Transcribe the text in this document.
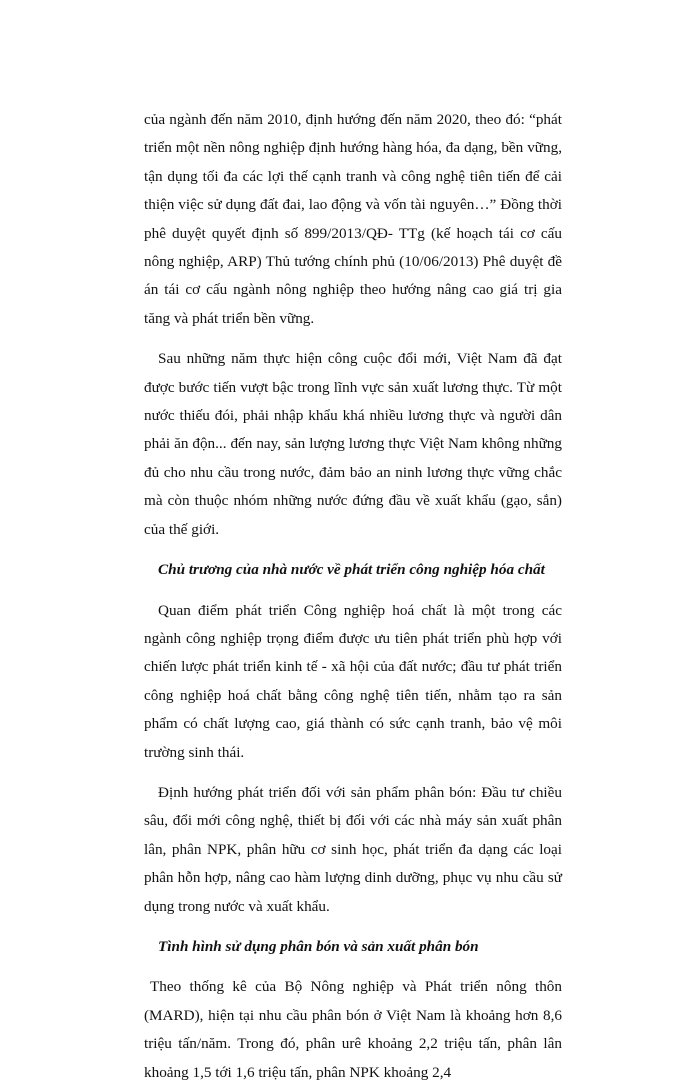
của ngành đến năm 2010, định hướng đến năm 2020, theo đó: “phát triển một nền nông nghiệp định hướng hàng hóa, đa dạng, bền vững, tận dụng tối đa các lợi thế cạnh tranh và công nghệ tiên tiến để cải thiện việc sử dụng đất đai, lao động và vốn tài nguyên…” Đồng thời phê duyệt quyết định số 899/2013/QĐ- TTg (kế hoạch tái cơ cấu nông nghiệp, ARP) Thủ tướng chính phủ (10/06/2013) Phê duyệt đề án tái cơ cấu ngành nông nghiệp theo hướng nâng cao giá trị gia tăng và phát triển bền vững.

Sau những năm thực hiện công cuộc đổi mới, Việt Nam đã đạt được bước tiến vượt bậc trong lĩnh vực sản xuất lương thực. Từ một nước thiếu đói, phải nhập khẩu khá nhiều lương thực và người dân phải ăn độn... đến nay, sản lượng lương thực Việt Nam không những đủ cho nhu cầu trong nước, đảm bảo an ninh lương thực vững chắc mà còn thuộc nhóm những nước đứng đầu về xuất khẩu (gạo, sắn) của thế giới.

Chủ trương của nhà nước về phát triển công nghiệp hóa chất

Quan điểm phát triển Công nghiệp hoá chất là một trong các ngành công nghiệp trọng điểm được ưu tiên phát triển phù hợp với chiến lược phát triển kinh tế - xã hội của đất nước; đầu tư phát triển công nghiệp hoá chất bằng công nghệ tiên tiến, nhằm tạo ra sản phẩm có chất lượng cao, giá thành có sức cạnh tranh, bảo vệ môi trường sinh thái.

Định hướng phát triển đối với sản phẩm phân bón: Đầu tư chiều sâu, đổi mới công nghệ, thiết bị đối với các nhà máy sản xuất phân lân, phân NPK, phân hữu cơ sinh học, phát triển đa dạng các loại phân hỗn hợp, nâng cao hàm lượng dinh dưỡng, phục vụ nhu cầu sử dụng trong nước và xuất khẩu.

Tình hình sử dụng phân bón và sản xuất phân bón

Theo thống kê của Bộ Nông nghiệp và Phát triển nông thôn (MARD), hiện tại nhu cầu phân bón ở Việt Nam là khoảng hơn 8,6 triệu tấn/năm. Trong đó, phân urê khoảng 2,2 triệu tấn, phân lân khoảng 1,5 tới 1,6 triệu tấn, phân NPK khoảng 2,4
